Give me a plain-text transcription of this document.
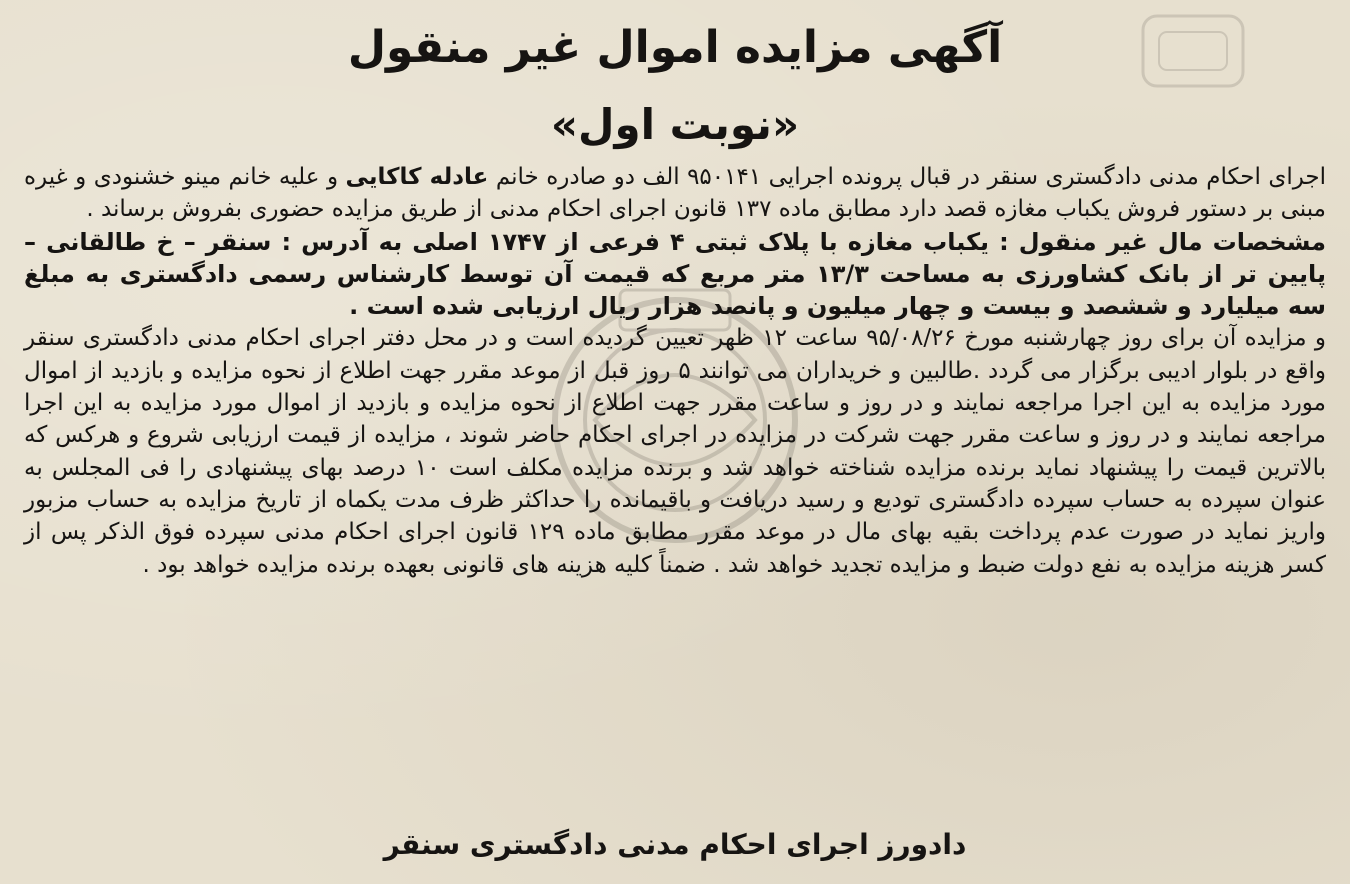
آگهی مزایده اموال غیر منقول
«نوبت اول»

اجرای احکام مدنی دادگستری سنقر در قبال پرونده اجرایی ۹۵۰۱۴۱ الف دو صادره خانم عادله کاکایی و علیه خانم مینو خشنودی و غیره مبنی بر دستور فروش یکباب مغازه قصد دارد مطابق ماده ۱۳۷ قانون اجرای احکام مدنی از طریق مزایده حضوری بفروش برساند .

مشخصات مال غیر منقول : یکباب مغازه با پلاک ثبتی ۴ فرعی از ۱۷۴۷ اصلی به آدرس : سنقر – خ طالقانی – پایین تر از بانک کشاورزی به مساحت ۱۳/۳ متر مربع که قیمت آن توسط کارشناس رسمی دادگستری به مبلغ سه میلیارد و ششصد و بیست و چهار میلیون و پانصد هزار ریال ارزیابی شده است .

و مزایده آن برای روز چهارشنبه مورخ ۹۵/۰۸/۲۶ ساعت ۱۲ ظهر تعیین گردیده است و در محل دفتر اجرای احکام مدنی دادگستری سنقر واقع در بلوار ادیبی برگزار می گردد .طالبین و خریداران می توانند ۵ روز قبل از موعد مقرر جهت اطلاع از نحوه مزایده و بازدید از اموال مورد مزایده به این اجرا مراجعه نمایند و در روز و ساعت مقرر جهت اطلاع از نحوه مزایده و بازدید از اموال مورد مزایده به این اجرا مراجعه نمایند و در روز و ساعت مقرر جهت شرکت در مزایده در اجرای احکام حاضر شوند ، مزایده از قیمت ارزیابی شروع و هرکس که بالاترین قیمت را پیشنهاد نماید برنده مزایده شناخته خواهد شد و برنده مزایده مکلف است ۱۰ درصد بهای پیشنهادی را فی المجلس به عنوان سپرده به حساب سپرده دادگستری تودیع و رسید دریافت و باقیمانده را حداکثر ظرف مدت یکماه از تاریخ مزایده به حساب مزبور واریز نماید در صورت عدم پرداخت بقیه بهای مال در موعد مقرر مطابق ماده ۱۲۹ قانون اجرای احکام مدنی سپرده فوق الذکر پس از کسر هزینه مزایده به نفع دولت ضبط و مزایده تجدید خواهد شد . ضمناً کلیه هزینه های قانونی بعهده برنده مزایده خواهد بود .

دادورز اجرای احکام مدنی دادگستری سنقر
